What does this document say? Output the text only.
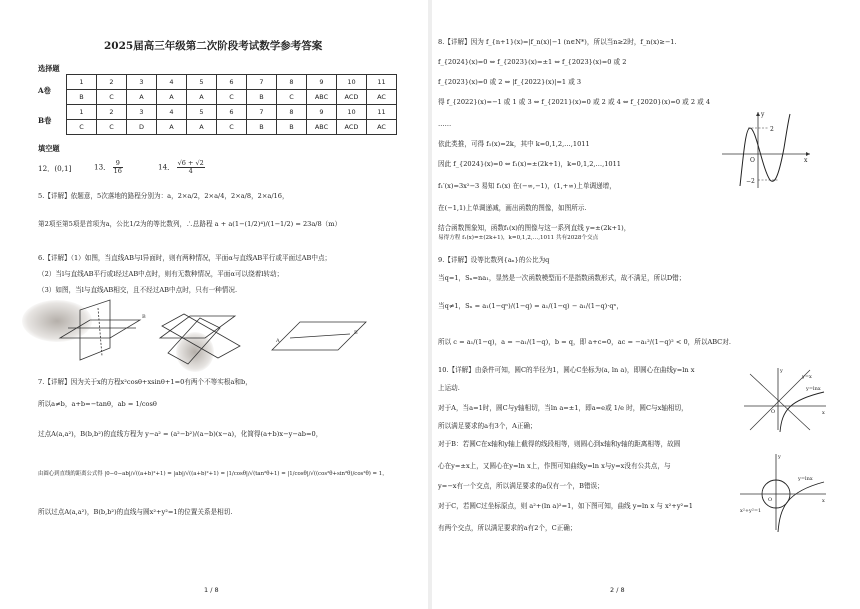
2025届高三年级第二次阶段考试数学参考答案
选择题
A卷
1	2	3	4	5	6	7	8	9	10	11
B	C	A	A	A	C	B	C	ABC	ACD	AC
B卷
1	2	3	4	5	6	7	8	9	10	11
C	C	D	A	A	C	B	B	ABC	ACD	AC
填空题
12．(0,1]	13． $\frac{9}{16}$	14． $\frac{√6 + √2}{4}$
5.【详解】依题意，5次落地的路程分别为：a，2×a/2，2×a/4，2×a/8，2×a/16，
第2项至第5项是首项为a，公比1/2为的等比数列，∴总路程 a + a(1−(1/2)⁴)/(1−1/2) = 23a/8（m）
6.【详解】（1）如图，当直线AB与l异面时，则有两种情况，平面α与直线AB平行或平面过AB中点；
（2）当l与直线AB平行或l经过AB中点时，则有无数种情况，平面α可以绕着l转动；
（3）如图，当l与直线AB相交，且不经过AB中点时，只有一种情况.
B
A
B
7.【详解】因为关于x的方程x²cosθ+xsinθ+1=0有两个不等实根a和b，
所以a≠b，a+b=−tanθ，ab = 1/cosθ
过点A(a,a²)，B(b,b²)的直线方程为 y−a² = (a²−b²)/(a−b)(x−a)，化简得(a+b)x−y−ab=0，
由圆心到直线的距离公式得 |0−0−ab|/√((a+b)²+1) = |ab|/√((a+b)²+1) = |1/cosθ|/√(tan²θ+1) = |1/cosθ|/√((cos²θ+sin²θ)/cos²θ) = 1，
所以过点A(a,a²)，B(b,b²)的直线与圆x²+y²=1的位置关系是相切.
1 / 8
8.【详解】因为 f_{n+1}(x)=|f_n(x)|−1 (n∈N*)，所以当n≥2时，f_n(x)≥−1.
f_{2024}(x)=0 ⇔ f_{2023}(x)=±1 ⇔ f_{2023}(x)=0 或 2
f_{2023}(x)=0 或 2 ⇔ |f_{2022}(x)|=1 或 3
得 f_{2022}(x)=−1 或 1 或 3 ⇔ f_{2021}(x)=0 或 2 或 4 ⇔ f_{2020}(x)=0 或 2 或 4
……
依此类推，可得 f₁(x)=2k，其中 k=0,1,2,…,1011
因此 f_{2024}(x)=0 ⇔ f₁(x)=±(2k+1)，k=0,1,2,…,1011
f₁′(x)=3x²−3 易知 f₁(x) 在(−∞,−1)，(1,+∞)上单调递增，
在(−1,1)上单调递减，画出函数的图像，如图所示.
结合函数图象知，函数f₁(x)的图像与这一系列直线 y=±(2k+1)，
易得方程 f₁(x)=±(2k+1)，k=0,1,2,…,1011 共有2028个交点
y
x
O
2
−2
9.【详解】设等比数列{aₙ}的公比为q
当q=1，Sₙ=na₁，显然是一次函数模型而不是指数函数形式，故不满足，所以D错；
当q≠1，Sₙ = a₁(1−qⁿ)/(1−q) = a₁/(1−q) − a₁/(1−q)·qⁿ，
所以 c = a₁/(1−q)，a = −a₁/(1−q)，b = q，即 a+c=0，ac = −a₁²/(1−q)² < 0，所以ABC对.
10.【详解】由条件可知，圆C的半径为1，圆心C坐标为(a, ln a)，即圆心在曲线y=ln x
上运动.
对于A，当a=1时，圆C与y轴相切，当ln a=±1，即a=e或 1/e 时，圆C与x轴相切，
所以满足要求的a有3个，A正确；
对于B：若圆C在x轴和y轴上截得的线段相等，则圆心到x轴和y轴的距离相等，故圆
心在y=±x上，又圆心在y=ln x上，作图可知曲线y=ln x与y=x没有公共点，与
y=−x有一个交点，所以满足要求的a仅有一个，B错误；
对于C，若圆C过坐标原点，则 a²+(ln a)²=1，如下图可知，曲线 y=ln x 与 x²+y²=1
有两个交点，所以满足要求的a有2个，C正确；
y
x
O
y=x
y=lnx
y
x
O
y=lnx
x²+y²=1
2 / 8
